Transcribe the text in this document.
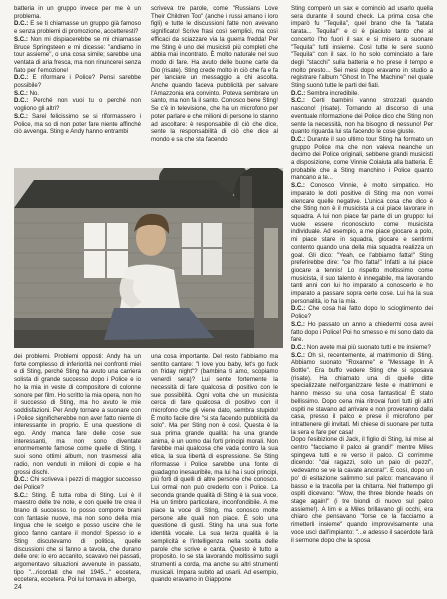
batteria in un gruppo invece per me è un problema.

D.C.: E se ti chiamasse un gruppo già famoso e senza problemi di promozione, accetteresti?

S.C.: Non mi dispiacerebbe se mi chiamasse Bruce Springsteen e mi dicesse: "andiamo in tour assieme", o una cosa simile; sarebbe una ventata di aria fresca, ma non rinuncerei senza fiato per l'emozione!

D.C.: E riformare i Police? Pensi sarebbe possibile?

S.C.: No.

D.C.: Perché non vuoi tu o perché non vogliono gli altri?

S.C.: Sarei felicissimo se si riformassero i Police, ma so di non poter fare niente affinché ciò avvenga. Sting e Andy hanno entrambi

scriveva tre parole, come "Russians Love Their Children Too" (anche i russi amano i loro figli) e tutte le discussioni fatte non avevano significato! Scrive frasi così semplici, ma così efficaci da sciazzare via la guerra fredda! Per me Sting è uno dei musicisti più completi che abbia mai incontrato. È molto naturale nel suo modo di fare. Ha avuto delle buone carte da Dio (risate). Sting crede molto in ciò che fa e fa per lanciare un messaggio a chi ascolta. Anche quando faceva pubblicità per salvare l'Amazzonia era convinto. Poteva sembrare un santo, ma non fa il santo. Conosco bene Sting! Se c'è in televisione, che ha un microfono per poter parlare e che milioni di persone lo stanno ad ascoltare: è responsabile di ciò che dice, sente la responsabilità di ciò che dice al mondo e sa che sta facendo

Sting comperò un sax e cominciò ad usarlo quella sera durante il sound check. La prima cosa che imparò fu "Tequila", quel brano che fa "tatata tarata... Tequila!" e ci è piaciuto tanto che al concerto l'ho fuori il sax e si misero a suonare "Tequila" tutti insieme. Così tutte le sere suonò "Tequila" con il sax. Io ho solo cominciato a fare degli "stacchi" sulla batteria e ho prese il tempo e molto presto... Sei mesi dopo eravamo in studio a registrare l'album "Ghost In The Machine" nel quale Sting suonò tutte le parti dei fiati.

D.C.: Sembra incredibile.

S.C.: Certi bambini vanno strozzati quando nascono! (risate). Tornando al discorso di una eventuale riformazione dei Police dico che Sting non sente la necessità, non ha bisogno di nessuno! Per quanto riguarda lui sta facendo le cose giuste.

D.C.: Durante il suo ultimo tour Sting ha formato un gruppo Police ma che non valeva neanche un decimo dei Police originali, sebbene grandi musicisti a disposizione, come Vinnie Colaiuta alla batteria. È probabile che a Sting manchino i Police quanto mancano a te...

S.C.: Conosco Vinnie, è molto simpatico. Ho imparato le doti positive di Sting ma non vorrei elencare quelle negative. L'unica cosa che dico è che Sting non è il musicista a cui piace lavorare in squadra. A lui non piace far parte di un gruppo: lui vuole essere riconosciuto come musicista individuale. Ad esempio, a me piace giocare a polo, mi piace stare in squadra, giocare e sentirmi contento quando una della mia squadra realizza un goal. Gli dico: "Yeah, ce l'abbiamo fatta!" Sting preferirebbe dire: "ce l'ho fatta!" Infatti a lui piace giocare a tennis! Lo rispetto moltissimo come musicista, il suo talento è innegabile, ma lavorando tanti anni con lui ho imparato a conoscerlo e ho imparato a passare sopra certe cose. Lui ha la sua personalità, io ha la mia.

D.C.: Che cosa hai fatto dopo lo scioglimento dei Police?

S.C.: Ho passato un anno a chiedermi cosa avrei fatto dopo i Police! Poi ho smesso e mi sono dato da fare.

D.C.: Non avete mai più suonato tutti e tre insieme?

S.C.: Oh sì, recentemente, al matrimonio di Sting. Abbiamo suonato "Roxanne" e "Message In A Bottle". Era buffo vedere Sting che si sposava (risate). Ha chiamato una di quelle ditte specializzate nell'organizzare feste e matrimoni e hanno messo su una cosa fantastica! È stato bellissimo. Dopo cena mia ritrovai fuori tutti gli altri ospiti ne stavano ad arrivare e non proveranno dalla casa, presso il palco e prese il microfono per intrattenere gli invitati. Mi chiese di suonare per tutta la sera e fare per casa!

Dopo l'esibizione di Jack, il figlio di Sting, lui mise al centro "facciamo il palco ai grandi!" mentre Miles spingeva tutti e re verso il palco. Ci corrimme dicendo: "dai ragazzi, solo un paio di pezzi", vedevamo se ve la cavate ancora!". E così, dopo un po' di esitazione salimmo sul palco: mancavano il basso e la tracolla per la chitarra. Nel frattempo gli ospiti dicevano: "Wow, the three blonde heads on stage again!" (i tre biondi di nuovo sul palco assieme!). A lim e a Miles brillavano gli occhi, era chiaro che pensavano "forse ce la facciamo a rimetterli insieme" quando improvvisamente una voce uscì dall'impianto: "...e adesso il sacerdote farà il sermone dopo che la sposa

dei problemi. Problemi opposti: Andy ha un forte complesso di inferiorità nei confronti miei e di Sting, perché Sting ha avuto una carriera solista di grande successo dopo i Police e io ho la mia in veste di compositore di colonne sonore per film. Ho scritto la mia opera, non ho il successo di Sting, ma ho avuto le mie soddisfazioni. Per Andy tornare a suonare con i Police significherebbe non aver fatto niente di interessante in proprio. E una questione di ego. Andy manca fare delle cose sue interessanti, ma non sono diventate enormemente famose come quelle di Sting. I suoi sono ottimi album, non trasmessi alla radio, non venduti in milioni di copie e ha grossi dischi.

D.C.: Chi scriveva i pezzi di maggior successo dei Police?

S.C.: Sting. È tutta roba di Sting. Lui è il maestro delle tre note, e con quelle tre crea il brano di successo. Io posso comporre brani con fantasie nuove, ma non sono della mia lingua che le scelgo e posso uscire che le gioco fanno cantare il mondo! Spesso io e Sting discutevamo di politica, quelle discussioni che si fanno a tavola, che durano delle ore: io ero accanito, scavavo nei passati, argomentavo situazioni avvenute in passato, tipo "...ricordati che nel 1945..." eccetera, eccetera, eccetera. Poi lui tornava in albergo,

una cosa importante. Del resto l'abbiamo ma sentito cantare: "I love you baby, let's go fuck on friday night"? (bambina ti amo, scopiamo venerdì sera)? Lui sente fortemente la necessità di fare qualcosa di positivo con le sue possibilità. Ogni volta che un musicista cerca di fare qualcosa di positivo con il microfono che gli viene dato, sembra stupido! È molto facile dire "si sta facendo pubblicità da solo". Ma per Sting non è così. Questa è la sua prima grande qualità: ha una grande anima, è un uomo dai forti principi morali. Non farebbe mai qualcosa che vada contro la sua etica, la sua libertà di espressione. Se Sting riformasse i Police sarebbe una fonte di guadagno inesauribile, ma lui ha i suoi principi, più forti di quelli di altre persone che conosco. Lui ormai non può crederlo con i Police. La seconda grande qualità di Sting è la sua voce. Ha un timbro particolare, inconfondibile. A me piace la voce di Sting, ma conosco molte persone alle quali non piace. È solo una questione di gusti. Sting ha una sua forte identità vocale. La sua terza qualità è la semplicità e l'intelligenza nella scelta delle parole che scrive e canta. Questo è tutto a proposito. Io se sta lavorando moltissimo sugli strumenti a corda, ma anche su altri strumenti musicali. Impara subito ad usarli. Ad esempio, quando eravamo in Giappone

24
